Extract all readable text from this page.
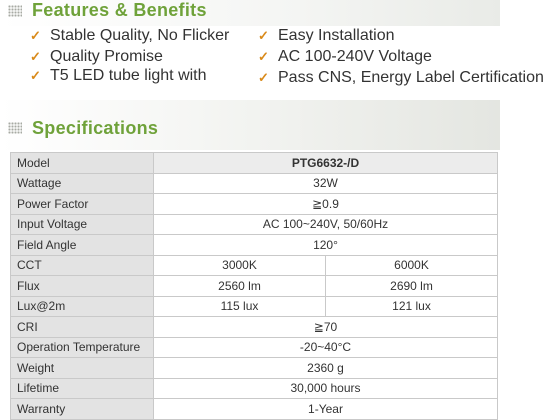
Features & Benefits
✓ Stable Quality, No Flicker
✓ Quality Promise
✓ T5 LED tube light with
✓ Easy Installation
✓ AC 100-240V Voltage
✓ Pass CNS, Energy Label Certification
Specifications
Model	PTG6632-/D	
Wattage	32W	
Power Factor	≧0.9	
Input Voltage	AC 100~240V, 50/60Hz	
Field Angle	120°	
CCT	3000K	6000K
Flux	2560 lm	2690 lm
Lux@2m	115 lux	121 lux
CRI	≧70	
Operation Temperature	-20~40°C	
Weight	2360 g	
Lifetime	30,000 hours	
Warranty	1-Year	
